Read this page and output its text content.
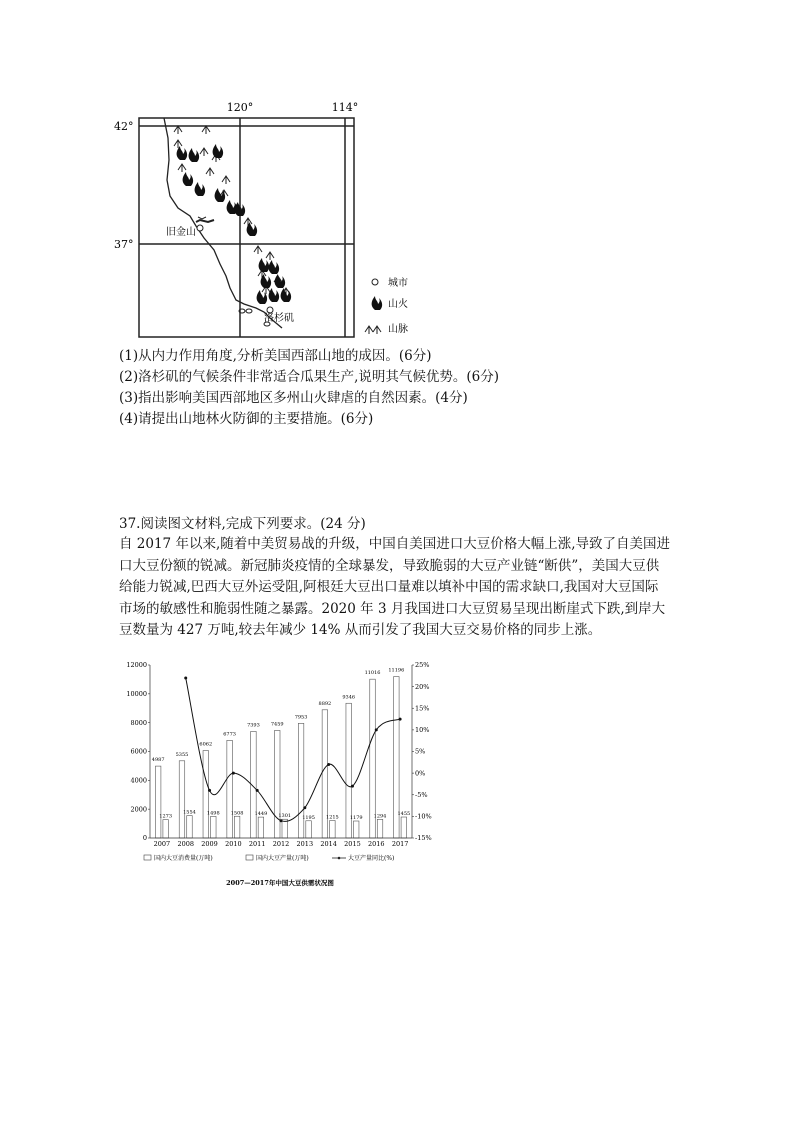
120°	114°
42°
37°
旧金山
洛杉矶
城市
山火
山脉
(1)从内力作用角度,分析美国西部山地的成因。(6分)
(2)洛杉矶的气候条件非常适合瓜果生产,说明其气候优势。(6分)
(3)指出影响美国西部地区多州山火肆虐的自然因素。(4分)
(4)请提出山地林火防御的主要措施。(6分)
37.阅读图文材料,完成下列要求。(24 分)
自 2017 年以来,随着中美贸易战的升级，中国自美国进口大豆价格大幅上涨,导致了自美国进口大豆份额的锐减。新冠肺炎疫情的全球暴发，导致脆弱的大豆产业链“断供”，美国大豆供给能力锐减,巴西大豆外运受阻,阿根廷大豆出口量难以填补中国的需求缺口,我国对大豆国际市场的敏感性和脆弱性随之暴露。2020 年 3 月我国进口大豆贸易呈现出断崖式下跌,到岸大豆数量为 427 万吨,较去年减少 14% 从而引发了我国大豆交易价格的同步上涨。
0
2000
4000
6000
8000
10000
12000
-15%
-10%
-5%
0%
5%
10%
15%
20%
25%
2007
4987
1273
2008
5355
1554
2009
6062
1498
2010
6773
1508
2011
7393
1449
2012
7459
1301
2013
7953
1195
2014
8892
1215
2015
9346
1179
2016
11016
1294
2017
11196
1455
国内大豆消费量(万吨)	国内大豆产量(万吨)	大豆产量同比(%)
2007—2017年中国大豆供需状况图
